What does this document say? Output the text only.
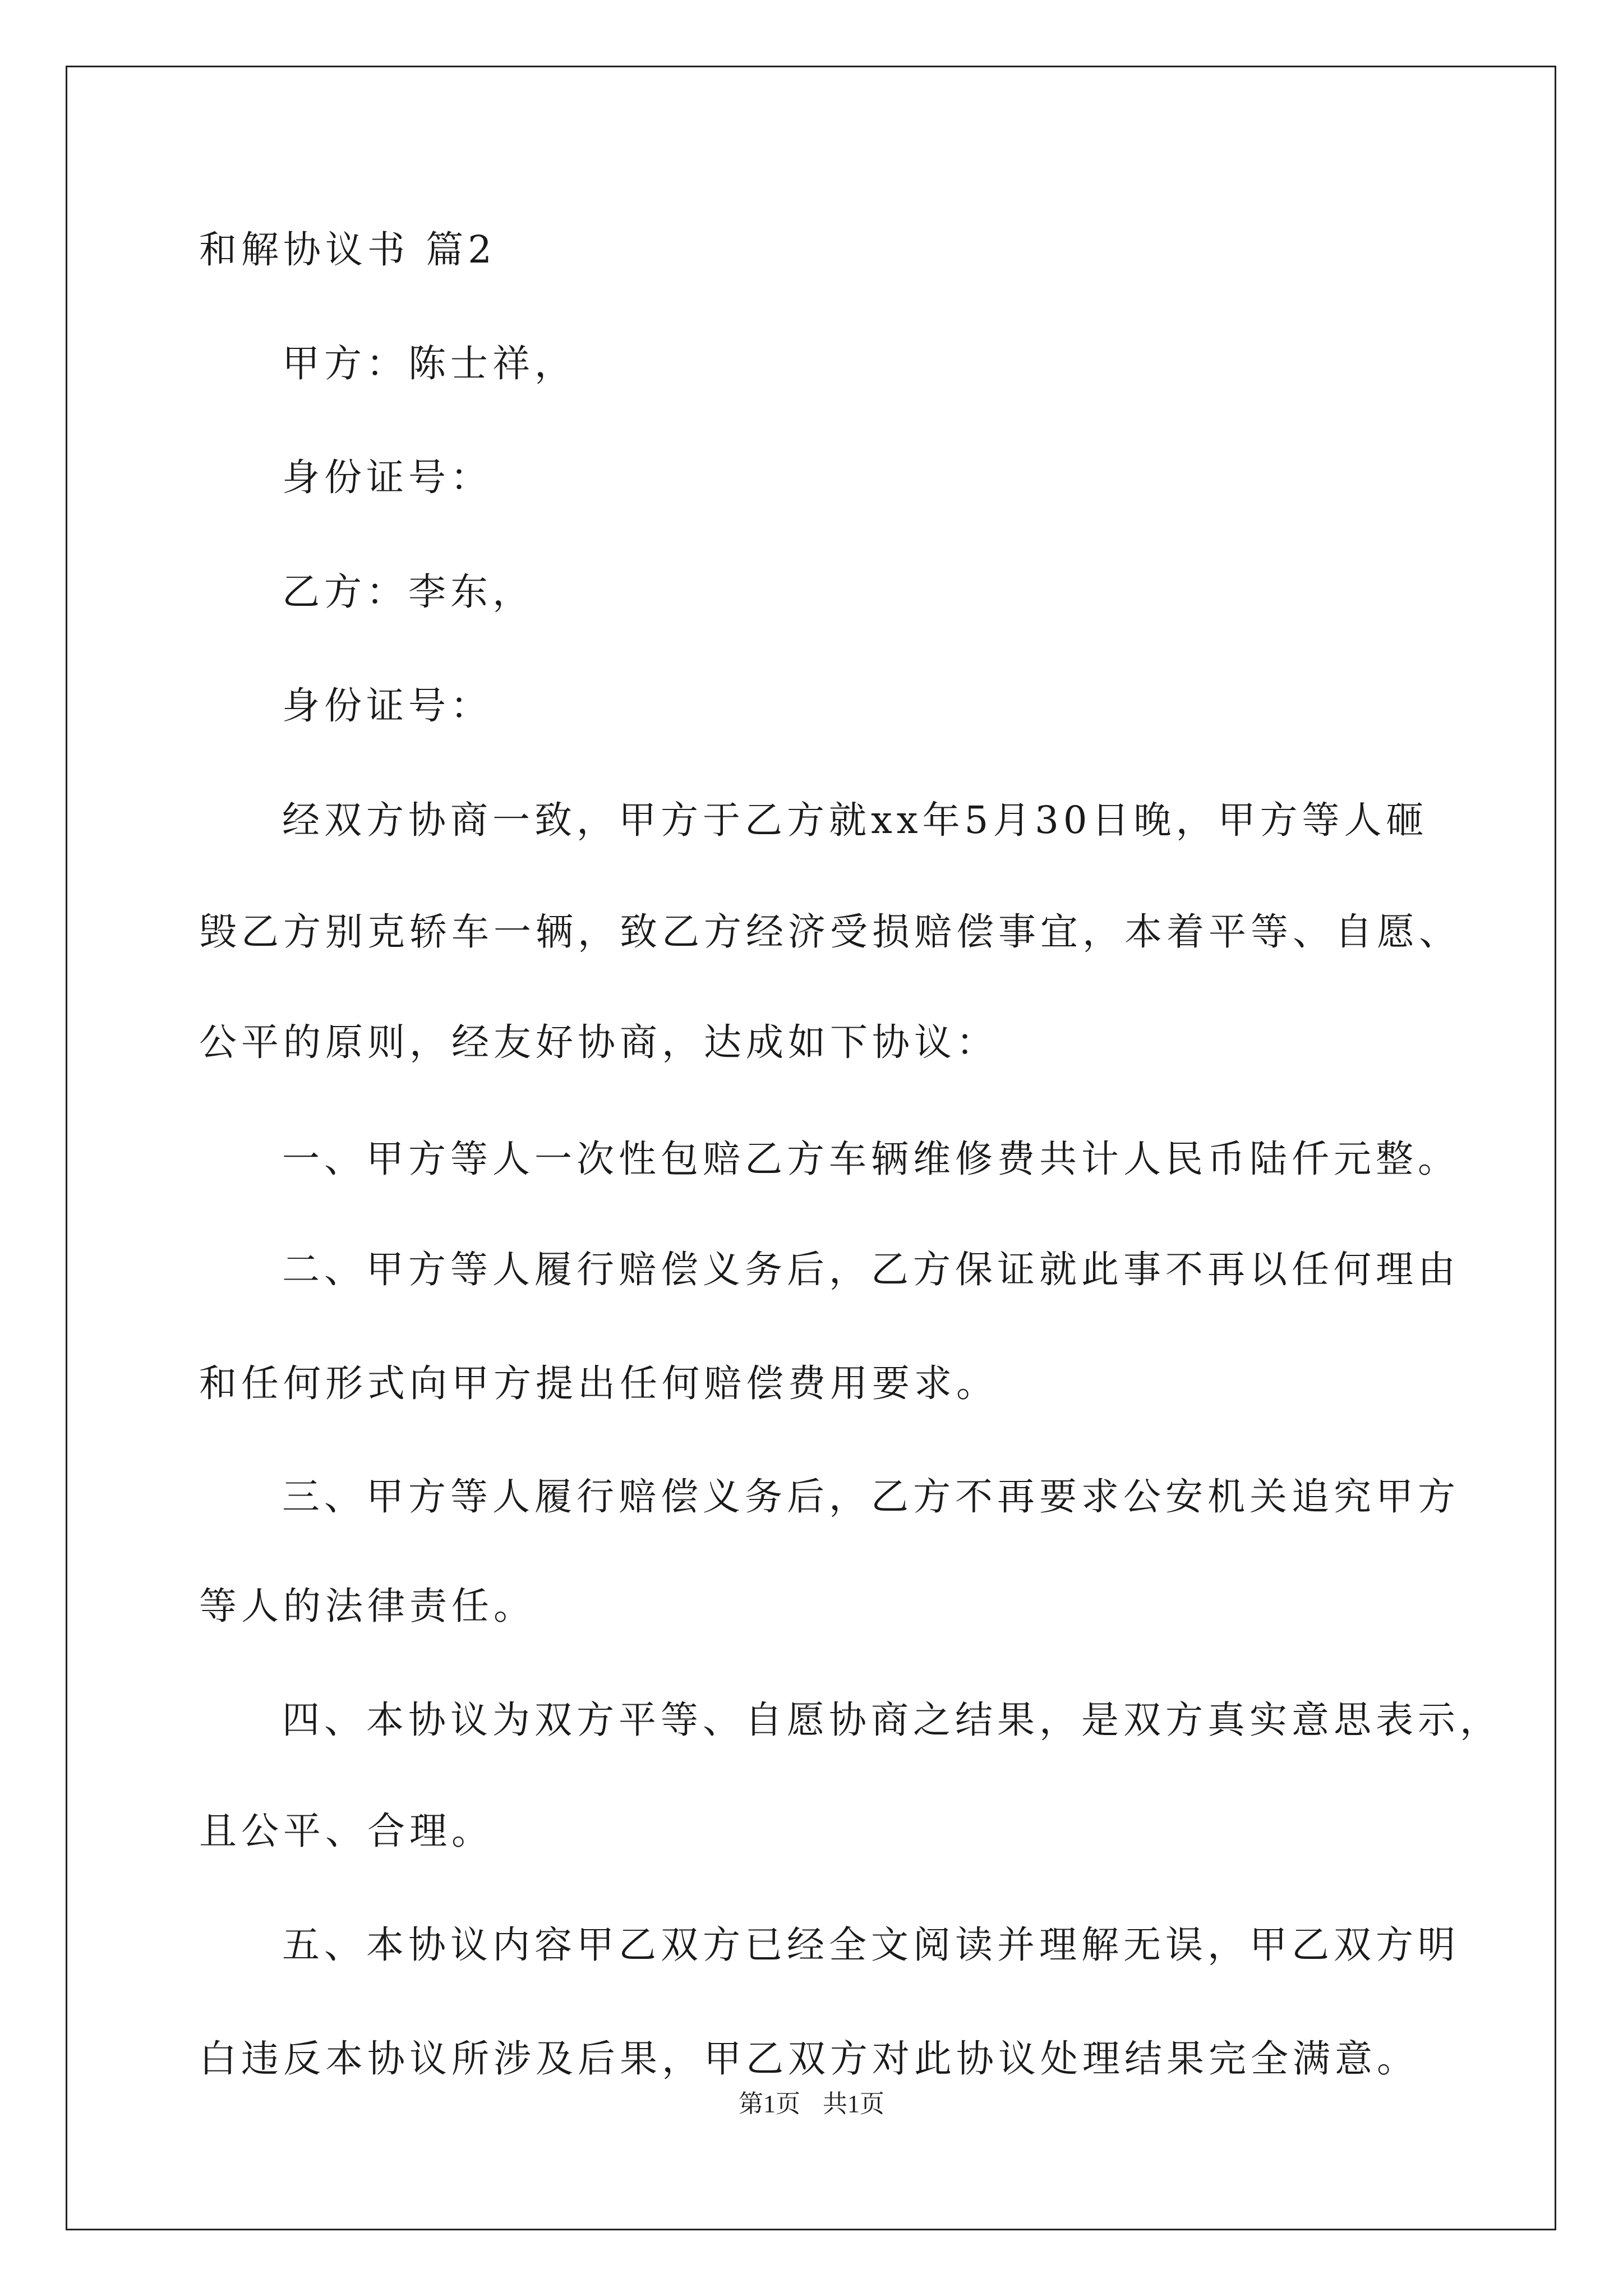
和解协议书 篇2
甲方：陈士祥，
身份证号：
乙方：李东，
身份证号：
经双方协商一致，甲方于乙方就xx年5月30日晚，甲方等人砸
毁乙方别克轿车一辆，致乙方经济受损赔偿事宜，本着平等、自愿、
公平的原则，经友好协商，达成如下协议：
一、甲方等人一次性包赔乙方车辆维修费共计人民币陆仟元整。
二、甲方等人履行赔偿义务后，乙方保证就此事不再以任何理由
和任何形式向甲方提出任何赔偿费用要求。
三、甲方等人履行赔偿义务后，乙方不再要求公安机关追究甲方
等人的法律责任。
四、本协议为双方平等、自愿协商之结果，是双方真实意思表示，
且公平、合理。
五、本协议内容甲乙双方已经全文阅读并理解无误，甲乙双方明
白违反本协议所涉及后果，甲乙双方对此协议处理结果完全满意。
第1页 共1页
